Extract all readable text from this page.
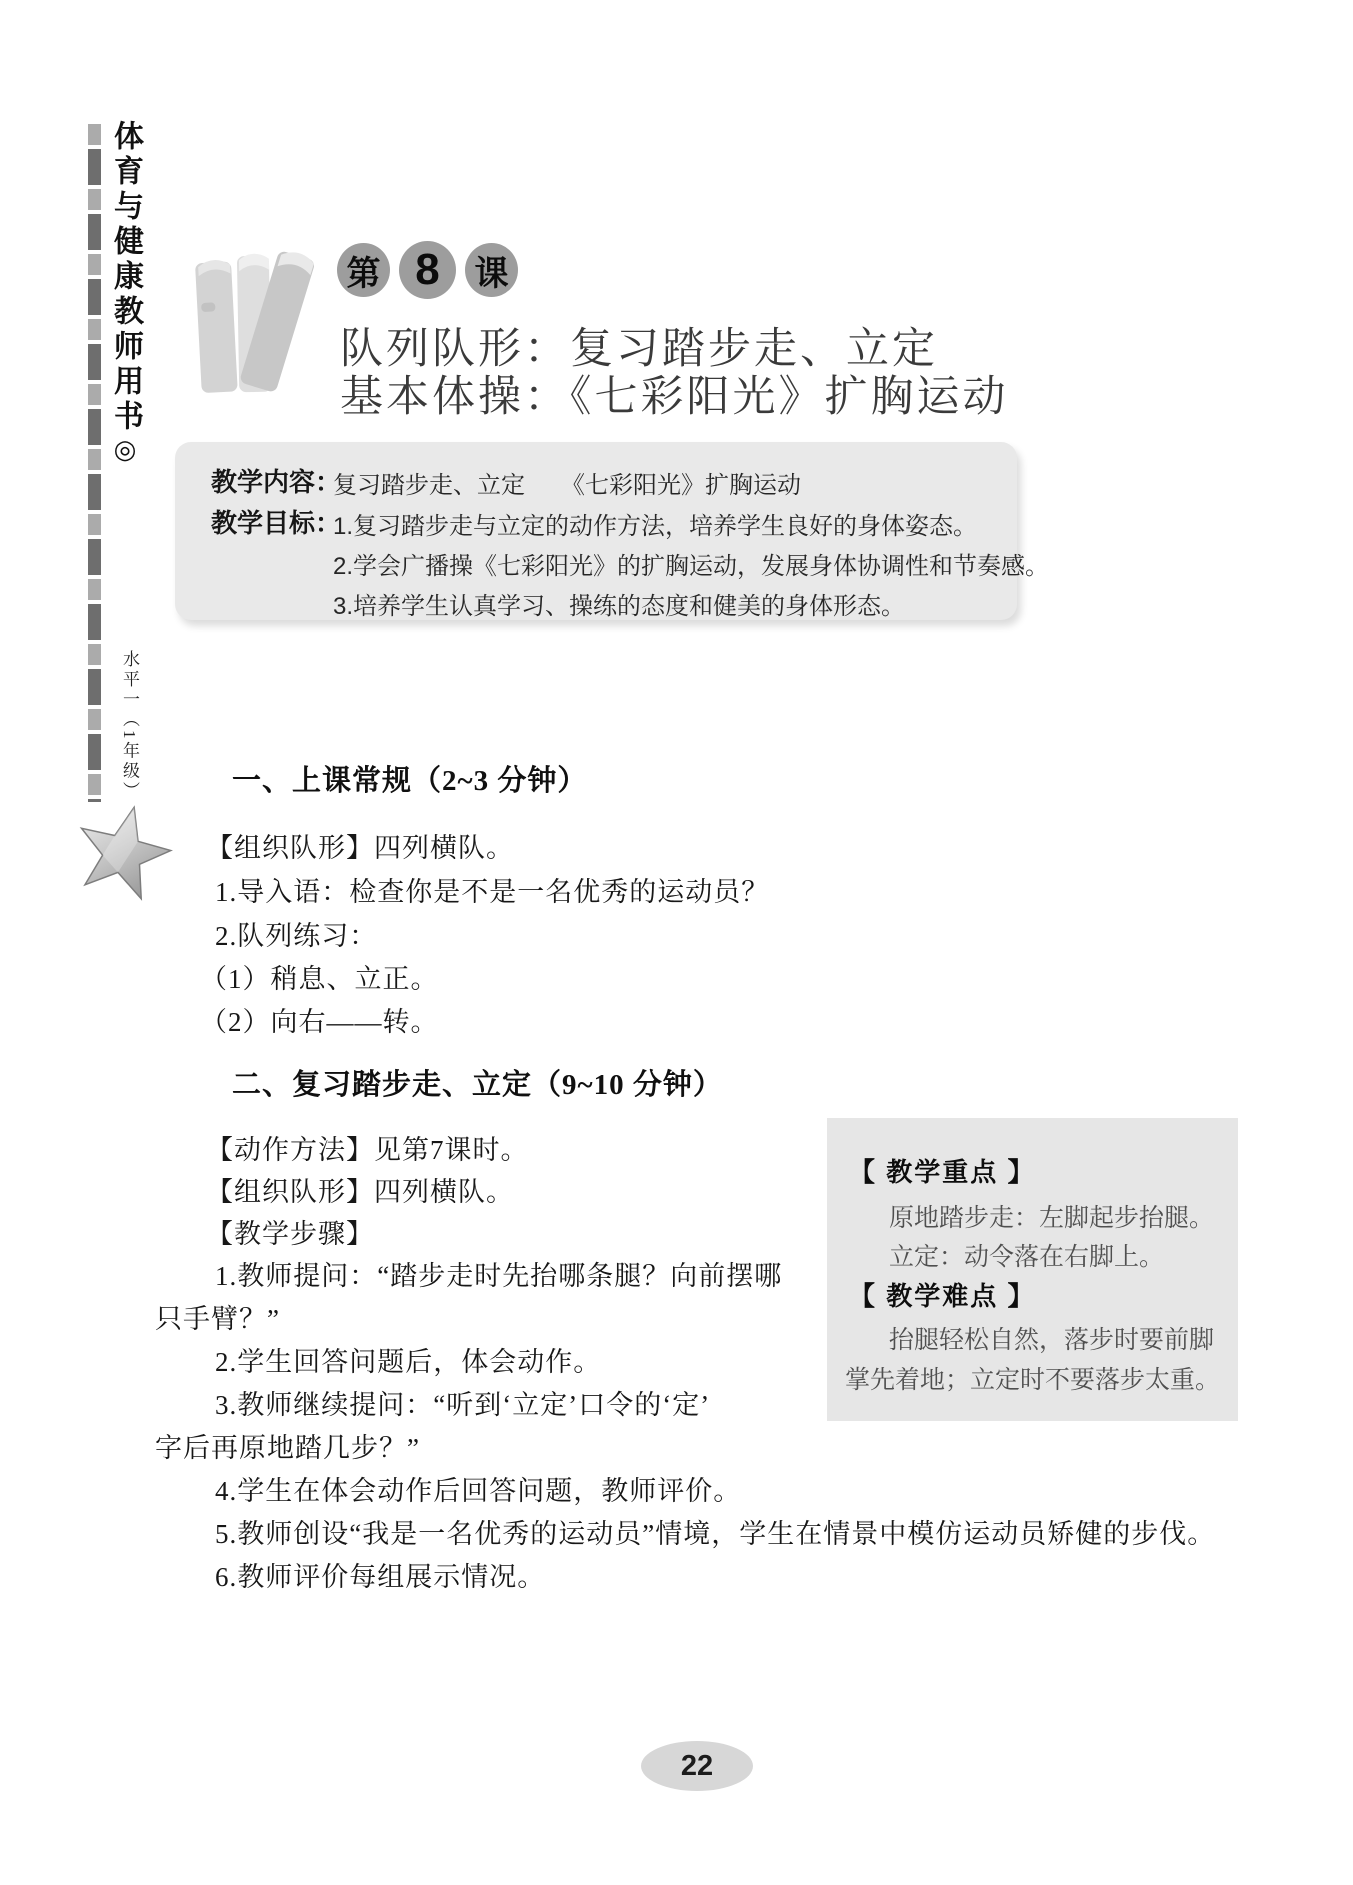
体育与健康教师用书◎
水平一（1年级）
第 8	课
队列队形：复习踏步走、立定
基本体操：《七彩阳光》扩胸运动
教学内容：
复习踏步走、立定　　《七彩阳光》扩胸运动
教学目标：
1.复习踏步走与立定的动作方法，培养学生良好的身体姿态。
2.学会广播操《七彩阳光》的扩胸运动，发展身体协调性和节奏感。
3.培养学生认真学习、操练的态度和健美的身体形态。
一、上课常规（2~3 分钟）
【组织队形】四列横队。
1.导入语：检查你是不是一名优秀的运动员？
2.队列练习：
（1）稍息、立正。
（2）向右——转。
二、复习踏步走、立定（9~10 分钟）
【动作方法】见第7课时。
【组织队形】四列横队。
【教学步骤】
1.教师提问：“踏步走时先抬哪条腿？向前摆哪
只手臂？”
2.学生回答问题后，体会动作。
3.教师继续提问：“听到‘立定’口令的‘定’
字后再原地踏几步？”
4.学生在体会动作后回答问题，教师评价。
5.教师创设“我是一名优秀的运动员”情境，学生在情景中模仿运动员矫健的步伐。
6.教师评价每组展示情况。
【 教学重点 】
原地踏步走：左脚起步抬腿。
立定：动令落在右脚上。
【 教学难点 】
抬腿轻松自然，落步时要前脚
掌先着地；立定时不要落步太重。
22
